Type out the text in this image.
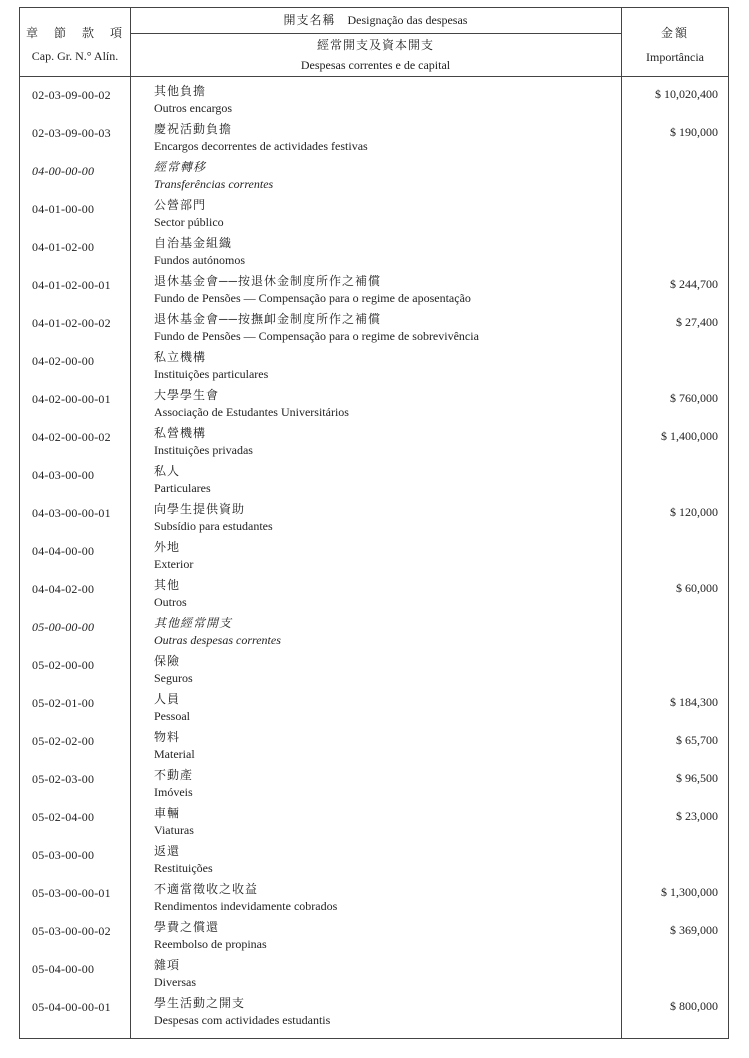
章　節　款　項
Cap. Gr. N.° Alín.
開支名稱 Designação das despesas
經常開支及資本開支
Despesas correntes e de capital
金額
Importância
02-03-09-00-02	其他負擔
Outros encargos
$ 10,020,400
02-03-09-00-03	慶祝活動負擔
Encargos decorrentes de actividades festivas
$ 190,000
04-00-00-00	經常轉移
Transferências correntes
04-01-00-00	公營部門
Sector público
04-01-02-00	自治基金組織
Fundos autónomos
04-01-02-00-01	退休基金會──按退休金制度所作之補償
Fundo de Pensões — Compensação para o regime de aposentação
$ 244,700
04-01-02-00-02	退休基金會──按撫卹金制度所作之補償
Fundo de Pensões — Compensação para o regime de sobrevivência
$ 27,400
04-02-00-00	私立機構
Instituições particulares
04-02-00-00-01	大學學生會
Associação de Estudantes Universitários
$ 760,000
04-02-00-00-02	私營機構
Instituições privadas
$ 1,400,000
04-03-00-00	私人
Particulares
04-03-00-00-01	向學生提供資助
Subsídio para estudantes
$ 120,000
04-04-00-00	外地
Exterior
04-04-02-00	其他
Outros
$ 60,000
05-00-00-00	其他經常開支
Outras despesas correntes
05-02-00-00	保險
Seguros
05-02-01-00	人員
Pessoal
$ 184,300
05-02-02-00	物料
Material
$ 65,700
05-02-03-00	不動產
Imóveis
$ 96,500
05-02-04-00	車輛
Viaturas
$ 23,000
05-03-00-00	返還
Restituições
05-03-00-00-01	不適當徵收之收益
Rendimentos indevidamente cobrados
$ 1,300,000
05-03-00-00-02	學費之償還
Reembolso de propinas
$ 369,000
05-04-00-00	雜項
Diversas
05-04-00-00-01	學生活動之開支
Despesas com actividades estudantis
$ 800,000
